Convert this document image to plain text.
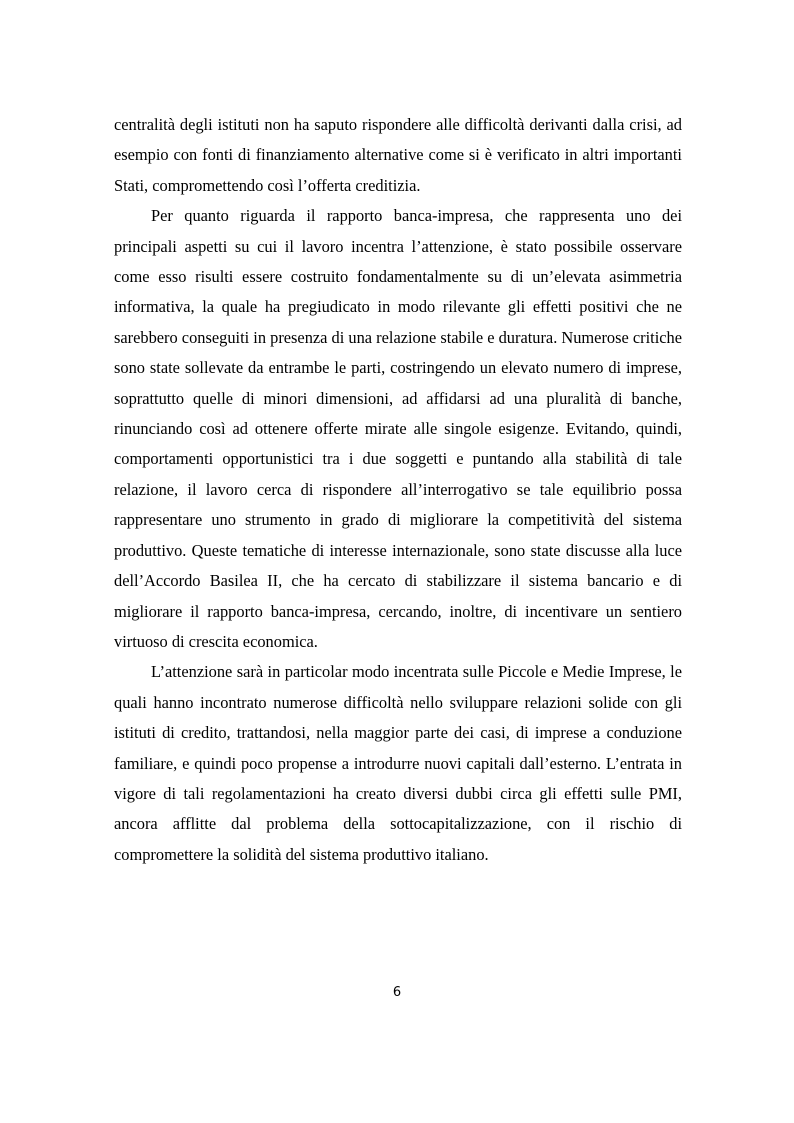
centralità degli istituti non ha saputo rispondere alle difficoltà derivanti dalla crisi, ad esempio con fonti di finanziamento alternative come si è verificato in altri importanti Stati, compromettendo così l’offerta creditizia.

Per quanto riguarda il rapporto banca-impresa, che rappresenta uno dei principali aspetti su cui il lavoro incentra l’attenzione, è stato possibile osservare come esso risulti essere costruito fondamentalmente su di un’elevata asimmetria informativa, la quale ha pregiudicato in modo rilevante gli effetti positivi che ne sarebbero conseguiti in presenza di una relazione stabile e duratura. Numerose critiche sono state sollevate da entrambe le parti, costringendo un elevato numero di imprese, soprattutto quelle di minori dimensioni, ad affidarsi ad una pluralità di banche, rinunciando così ad ottenere offerte mirate alle singole esigenze. Evitando, quindi, comportamenti opportunistici tra i due soggetti e puntando alla stabilità di tale relazione, il lavoro cerca di rispondere all’interrogativo se tale equilibrio possa rappresentare uno strumento in grado di migliorare la competitività del sistema produttivo. Queste tematiche di interesse internazionale, sono state discusse alla luce dell’Accordo Basilea II, che ha cercato di stabilizzare il sistema bancario e di migliorare il rapporto banca-impresa, cercando, inoltre, di incentivare un sentiero virtuoso di crescita economica.

L’attenzione sarà in particolar modo incentrata sulle Piccole e Medie Imprese, le quali hanno incontrato numerose difficoltà nello sviluppare relazioni solide con gli istituti di credito, trattandosi, nella maggior parte dei casi, di imprese a conduzione familiare, e quindi poco propense a introdurre nuovi capitali dall’esterno. L’entrata in vigore di tali regolamentazioni ha creato diversi dubbi circa gli effetti sulle PMI, ancora afflitte dal problema della sottocapitalizzazione, con il rischio di compromettere la solidità del sistema produttivo italiano.

6
